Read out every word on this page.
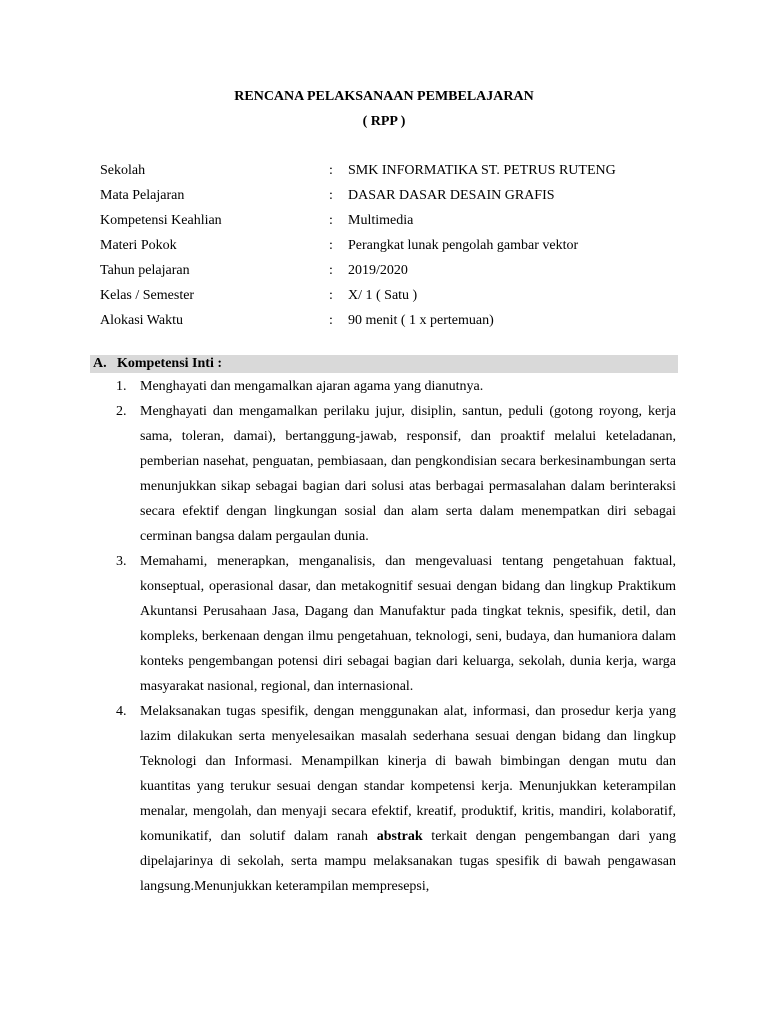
RENCANA PELAKSANAAN PEMBELAJARAN
( RPP )
Sekolah	: SMK INFORMATIKA ST. PETRUS RUTENG
Mata Pelajaran	: DASAR DASAR DESAIN GRAFIS
Kompetensi Keahlian	: Multimedia
Materi Pokok	: Perangkat lunak pengolah gambar vektor
Tahun pelajaran	: 2019/2020
Kelas / Semester	: X/ 1 ( Satu )
Alokasi Waktu	: 90 menit ( 1 x pertemuan)
A. Kompetensi Inti :
1. Menghayati dan mengamalkan ajaran agama yang dianutnya.
2. Menghayati dan mengamalkan perilaku jujur, disiplin, santun, peduli (gotong royong, kerja sama, toleran, damai), bertanggung-jawab, responsif, dan proaktif melalui keteladanan, pemberian nasehat, penguatan, pembiasaan, dan pengkondisian secara berkesinambungan serta menunjukkan sikap sebagai bagian dari solusi atas berbagai permasalahan dalam berinteraksi secara efektif dengan lingkungan sosial dan alam serta dalam menempatkan diri sebagai cerminan bangsa dalam pergaulan dunia.
3. Memahami, menerapkan, menganalisis, dan mengevaluasi tentang pengetahuan faktual, konseptual, operasional dasar, dan metakognitif sesuai dengan bidang dan lingkup Praktikum Akuntansi Perusahaan Jasa, Dagang dan Manufaktur pada tingkat teknis, spesifik, detil, dan kompleks, berkenaan dengan ilmu pengetahuan, teknologi, seni, budaya, dan humaniora dalam konteks pengembangan potensi diri sebagai bagian dari keluarga, sekolah, dunia kerja, warga masyarakat nasional, regional, dan internasional.
4. Melaksanakan tugas spesifik, dengan menggunakan alat, informasi, dan prosedur kerja yang lazim dilakukan serta menyelesaikan masalah sederhana sesuai dengan bidang dan lingkup Teknologi dan Informasi. Menampilkan kinerja di bawah bimbingan dengan mutu dan kuantitas yang terukur sesuai dengan standar kompetensi kerja. Menunjukkan keterampilan menalar, mengolah, dan menyaji secara efektif, kreatif, produktif, kritis, mandiri, kolaboratif, komunikatif, dan solutif dalam ranah abstrak terkait dengan pengembangan dari yang dipelajarinya di sekolah, serta mampu melaksanakan tugas spesifik di bawah pengawasan langsung.Menunjukkan keterampilan mempresepsi,
